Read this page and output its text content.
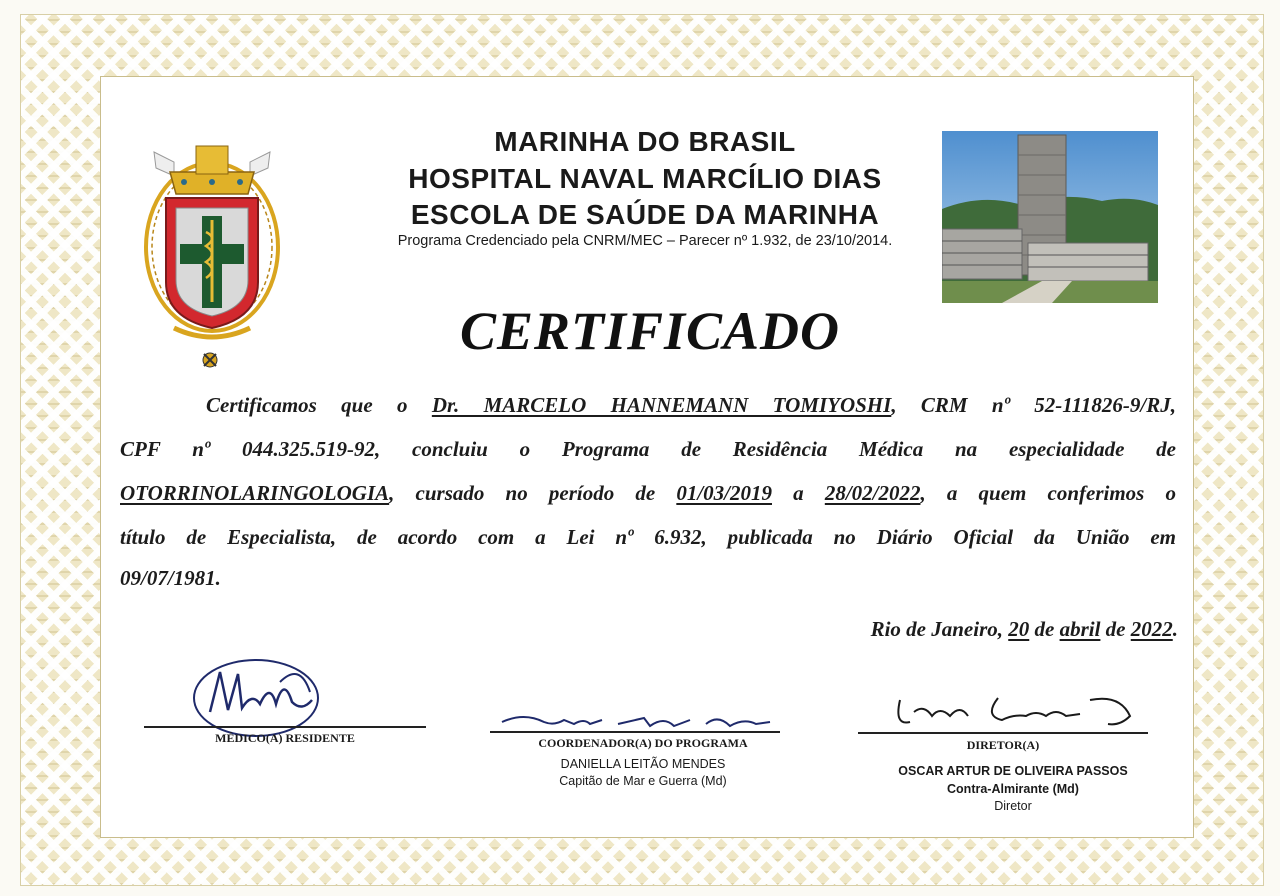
MARINHA DO BRASIL
HOSPITAL NAVAL MARCÍLIO DIAS
ESCOLA DE SAÚDE DA MARINHA
Programa Credenciado pela CNRM/MEC – Parecer nº 1.932, de 23/10/2014.
CERTIFICADO
Certificamos que o Dr. MARCELO HANNEMANN TOMIYOSHI, CRM nº 52-111826-9/RJ,
CPF nº 044.325.519-92, concluiu o Programa de Residência Médica na especialidade de
OTORRINOLARINGOLOGIA, cursado no período de 01/03/2019 a 28/02/2022, a quem conferimos o
título de Especialista, de acordo com a Lei nº 6.932, publicada no Diário Oficial da União em
09/07/1981.
Rio de Janeiro, 20 de abril de 2022.
MÉDICO(A) RESIDENTE	COORDENADOR(A) DO PROGRAMA
DANIELLA LEITÃO MENDES
Capitão de Mar e Guerra (Md)
DIRETOR(A)
OSCAR ARTUR DE OLIVEIRA PASSOS
Contra-Almirante (Md)
Diretor
